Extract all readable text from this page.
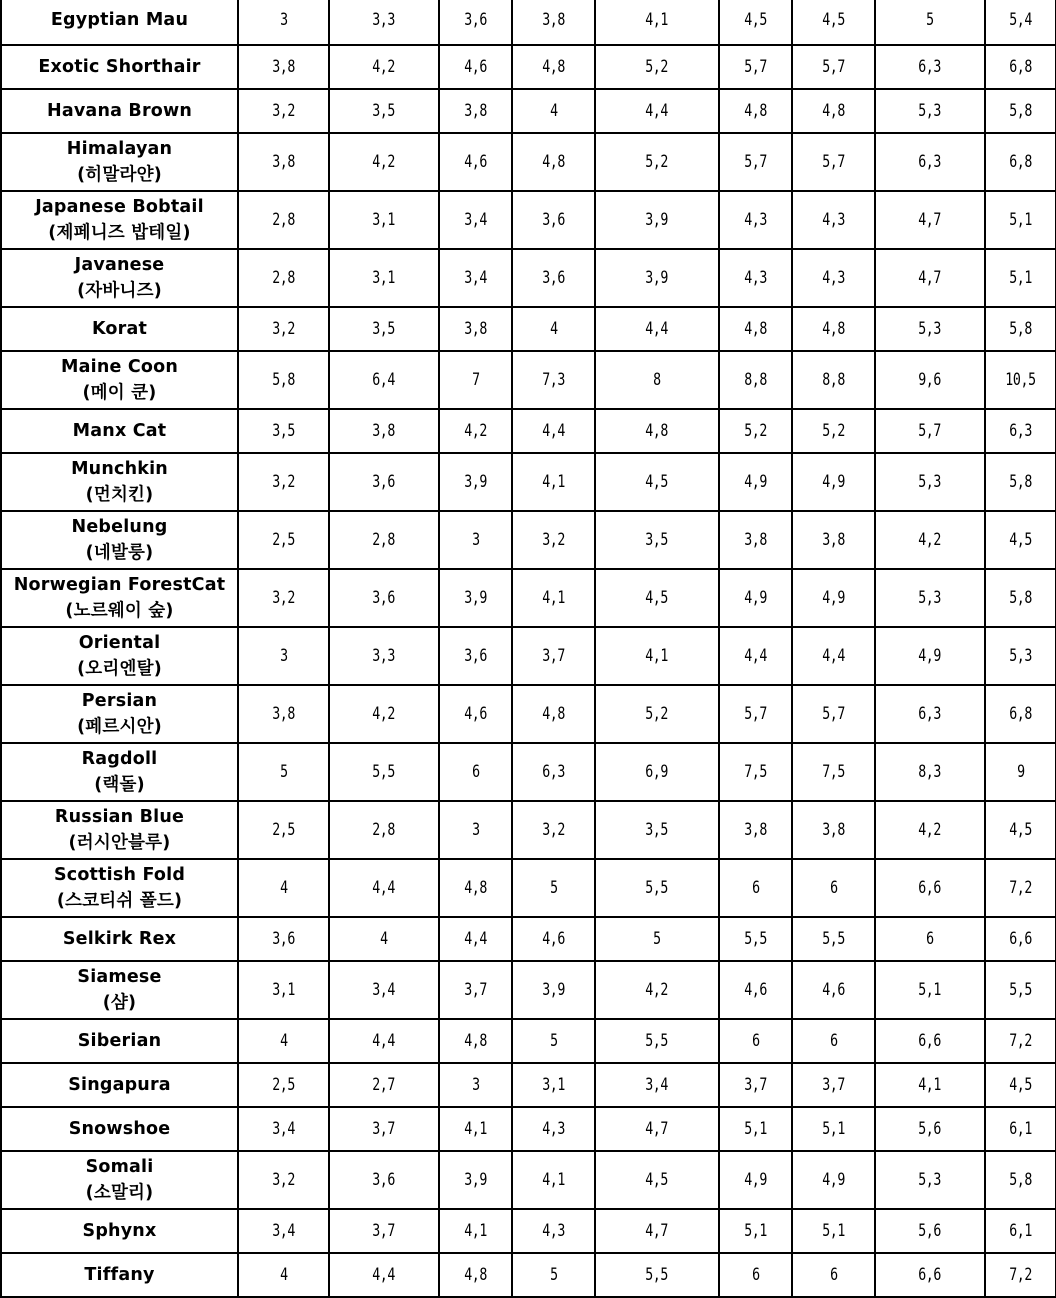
Egyptian Mau	3	3,3	3,6	3,8	4,1	4,5	4,5	5	5,4

Exotic Shorthair	3,8	4,2	4,6	4,8	5,2	5,7	5,7	6,3	6,8

Havana Brown	3,2	3,5	3,8	4	4,4	4,8	4,8	5,3	5,8

Himalayan
(히말라얀)	3,8	4,2	4,6	4,8	5,2	5,7	5,7	6,3	6,8

Japanese Bobtail
(제페니즈 밥테일)	2,8	3,1	3,4	3,6	3,9	4,3	4,3	4,7	5,1

Javanese
(자바니즈)	2,8	3,1	3,4	3,6	3,9	4,3	4,3	4,7	5,1

Korat	3,2	3,5	3,8	4	4,4	4,8	4,8	5,3	5,8

Maine Coon
(메이 쿤)	5,8	6,4	7	7,3	8	8,8	8,8	9,6	10,5

Manx Cat	3,5	3,8	4,2	4,4	4,8	5,2	5,2	5,7	6,3

Munchkin
(먼치킨)	3,2	3,6	3,9	4,1	4,5	4,9	4,9	5,3	5,8

Nebelung
(네발룽)	2,5	2,8	3	3,2	3,5	3,8	3,8	4,2	4,5

Norwegian ForestCat
(노르웨이 숲)	3,2	3,6	3,9	4,1	4,5	4,9	4,9	5,3	5,8

Oriental
(오리엔탈)	3	3,3	3,6	3,7	4,1	4,4	4,4	4,9	5,3

Persian
(페르시안)	3,8	4,2	4,6	4,8	5,2	5,7	5,7	6,3	6,8

Ragdoll
(랙돌)	5	5,5	6	6,3	6,9	7,5	7,5	8,3	9

Russian Blue
(러시안블루)	2,5	2,8	3	3,2	3,5	3,8	3,8	4,2	4,5

Scottish Fold
(스코티쉬 폴드)	4	4,4	4,8	5	5,5	6	6	6,6	7,2

Selkirk Rex	3,6	4	4,4	4,6	5	5,5	5,5	6	6,6

Siamese
(샴)	3,1	3,4	3,7	3,9	4,2	4,6	4,6	5,1	5,5

Siberian	4	4,4	4,8	5	5,5	6	6	6,6	7,2

Singapura	2,5	2,7	3	3,1	3,4	3,7	3,7	4,1	4,5

Snowshoe	3,4	3,7	4,1	4,3	4,7	5,1	5,1	5,6	6,1

Somali
(소말리)	3,2	3,6	3,9	4,1	4,5	4,9	4,9	5,3	5,8

Sphynx	3,4	3,7	4,1	4,3	4,7	5,1	5,1	5,6	6,1

Tiffany	4	4,4	4,8	5	5,5	6	6	6,6	7,2
